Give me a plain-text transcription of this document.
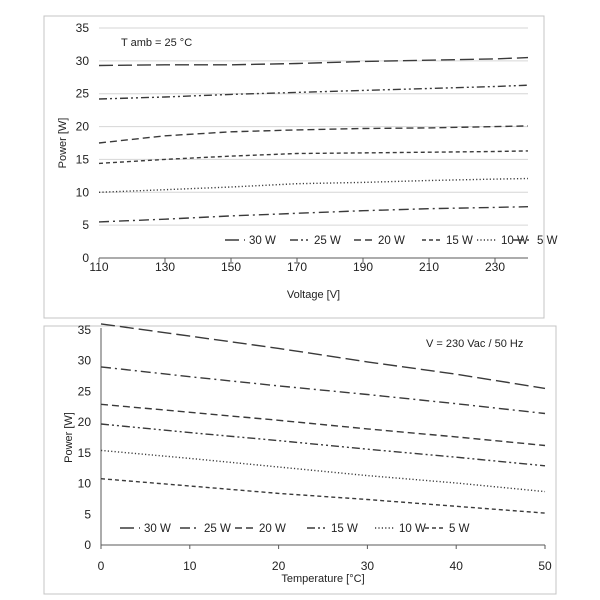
0
5
10
15
20
25
30
35
110	130	150	170	190	210	230
Voltage [V]
Power [W]
T amb = 25 °C
30 W	25 W	20 W	15 W 10 W 5 W
0
5
10
15
20
25
30
35
0	10	20	30	40	50
Temperature [°C]
Power [W]
V = 230 Vac / 50 Hz
30 W	25 W 20 W	15 W	10 W 5 W
